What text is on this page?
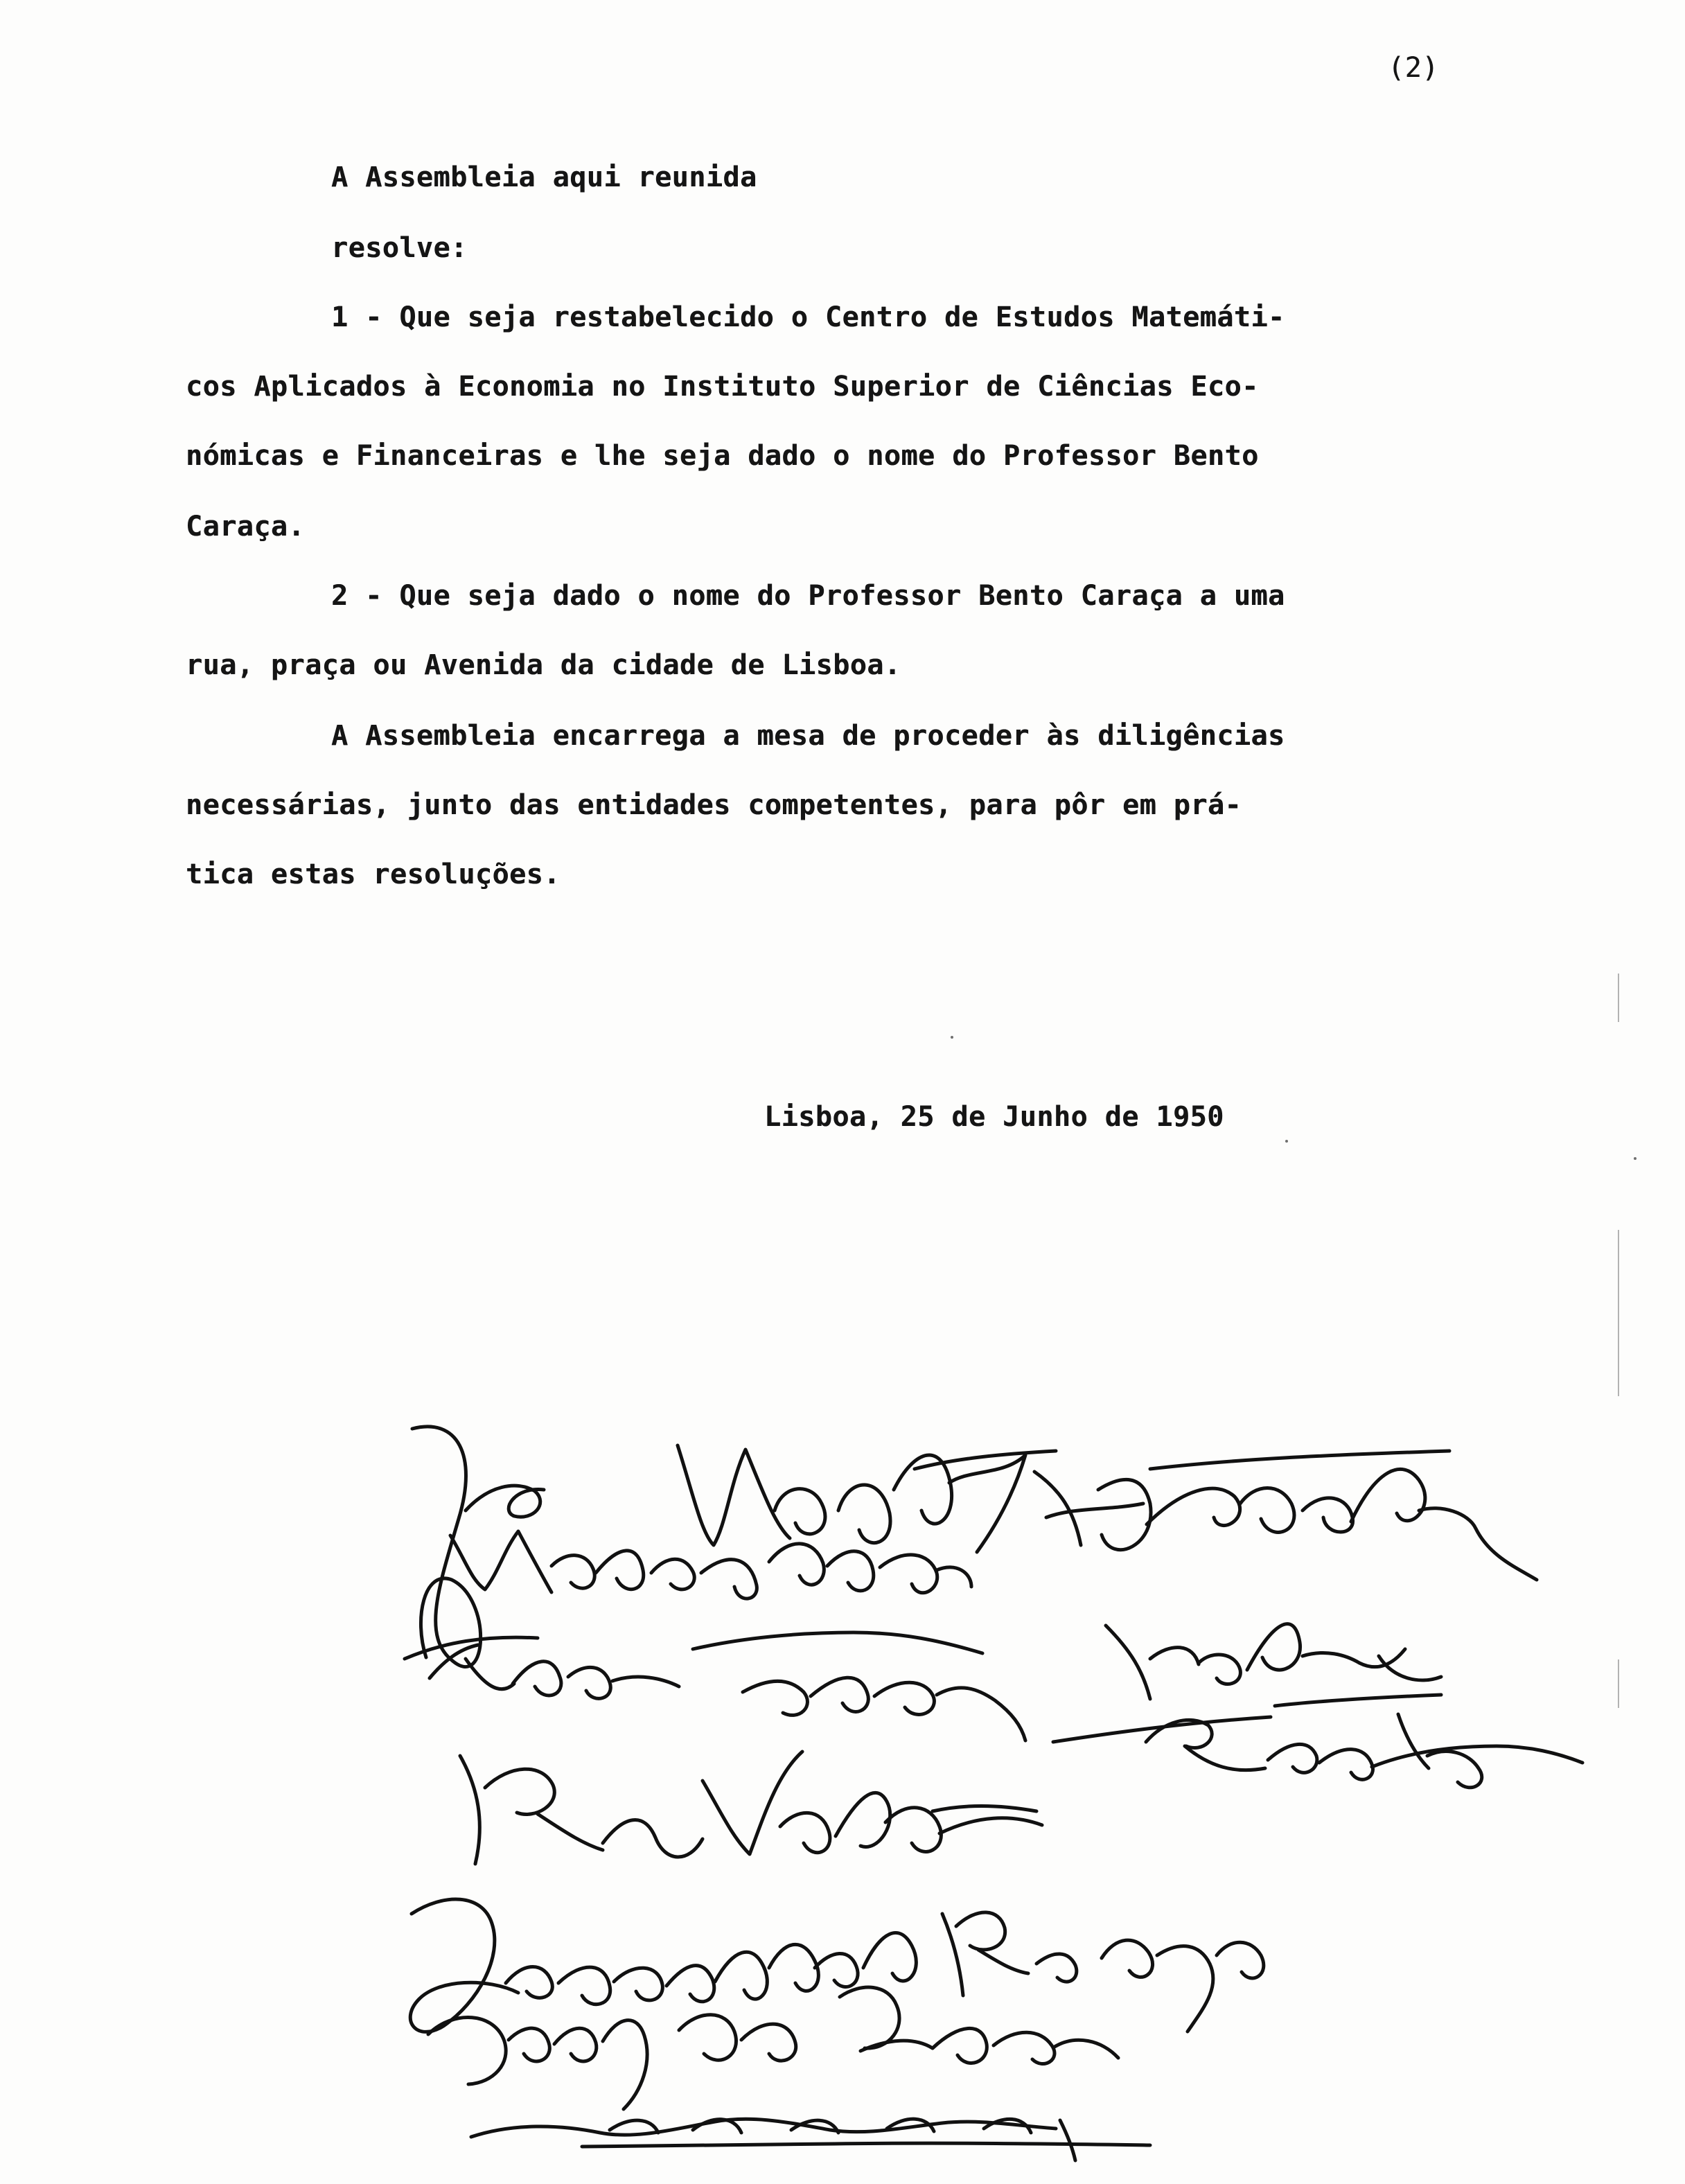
(2)
A Assembleia aqui reunida
resolve:
1 - Que seja restabelecido o Centro de Estudos Matemáti-
cos Aplicados à Economia no Instituto Superior de Ciências Eco-
nómicas e Financeiras e lhe seja dado o nome do Professor Bento
Caraça.
2 - Que seja dado o nome do Professor Bento Caraça a uma
rua, praça ou Avenida da cidade de Lisboa.
A Assembleia encarrega a mesa de proceder às diligências
necessárias, junto das entidades competentes, para pôr em prá-
tica estas resoluções.
Lisboa, 25 de Junho de 1950
